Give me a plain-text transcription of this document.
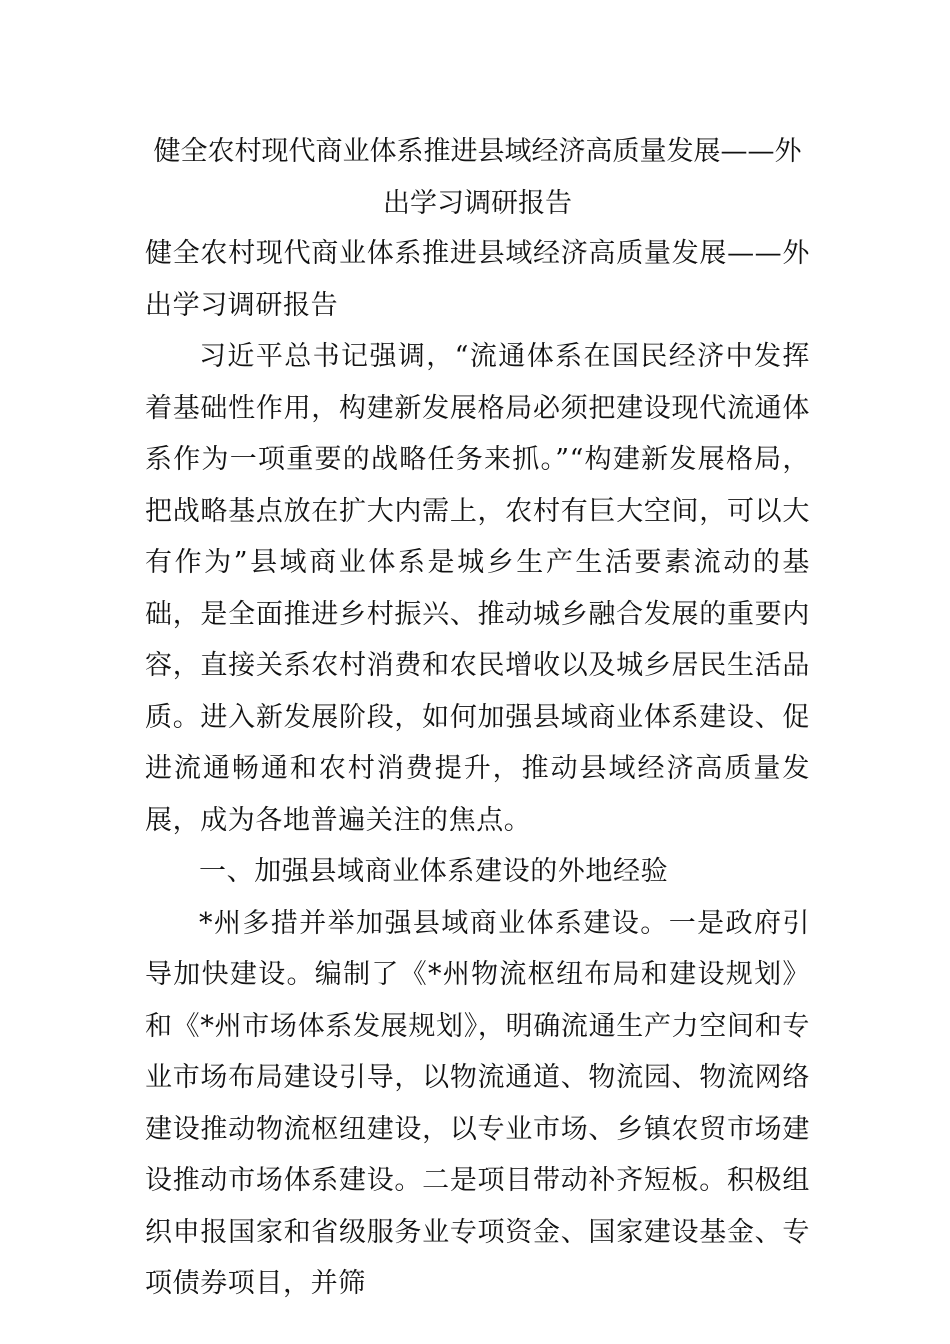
健全农村现代商业体系推进县域经济高质量发展——外出学习调研报告

健全农村现代商业体系推进县域经济高质量发展——外出学习调研报告

习近平总书记强调，“流通体系在国民经济中发挥着基础性作用，构建新发展格局必须把建设现代流通体系作为一项重要的战略任务来抓。”“构建新发展格局，把战略基点放在扩大内需上，农村有巨大空间，可以大有作为”县域商业体系是城乡生产生活要素流动的基础，是全面推进乡村振兴、推动城乡融合发展的重要内容，直接关系农村消费和农民增收以及城乡居民生活品质。进入新发展阶段，如何加强县域商业体系建设、促进流通畅通和农村消费提升，推动县域经济高质量发展，成为各地普遍关注的焦点。

一、加强县域商业体系建设的外地经验

*州多措并举加强县域商业体系建设。一是政府引导加快建设。编制了《*州物流枢纽布局和建设规划》和《*州市场体系发展规划》，明确流通生产力空间和专业市场布局建设引导，以物流通道、物流园、物流网络建设推动物流枢纽建设，以专业市场、乡镇农贸市场建设推动市场体系建设。二是项目带动补齐短板。积极组织申报国家和省级服务业专项资金、国家建设基金、专项债券项目，并筛
